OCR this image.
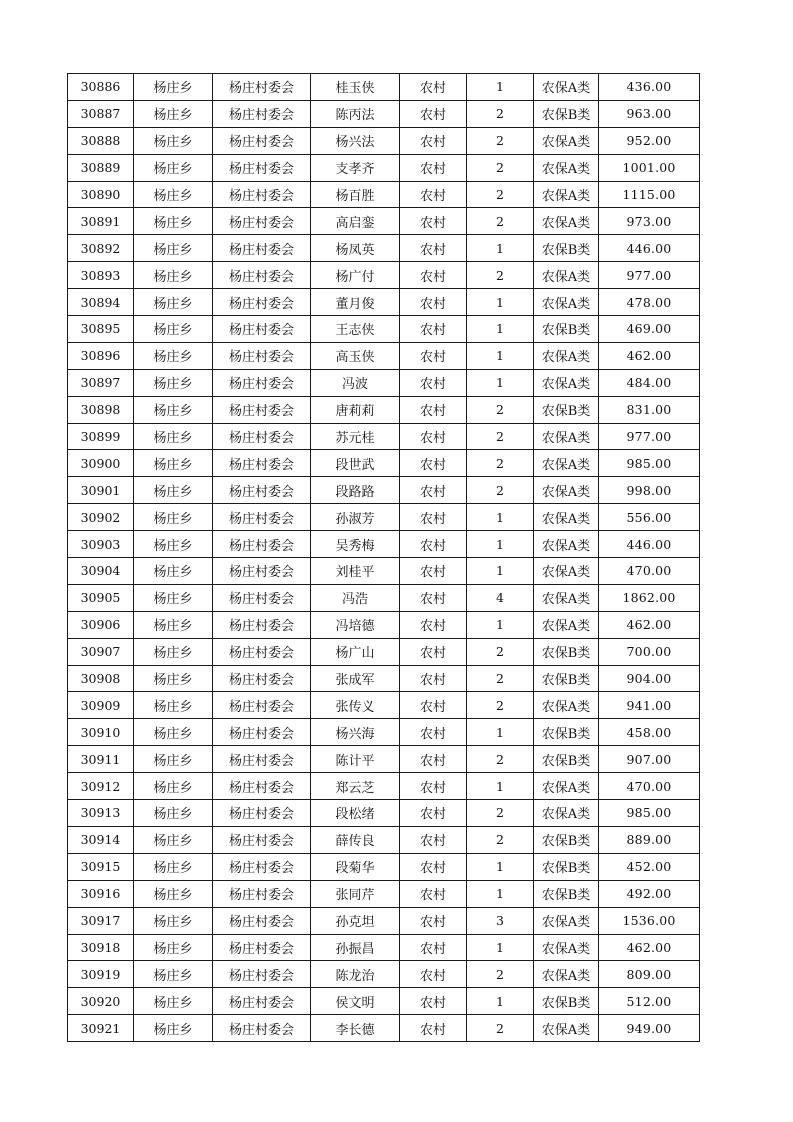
30886	杨庄乡	杨庄村委会	桂玉侠	农村	1	农保A类	436.00
30887	杨庄乡	杨庄村委会	陈丙法	农村	2	农保B类	963.00
30888	杨庄乡	杨庄村委会	杨兴法	农村	2	农保A类	952.00
30889	杨庄乡	杨庄村委会	支孝齐	农村	2	农保A类	1001.00
30890	杨庄乡	杨庄村委会	杨百胜	农村	2	农保A类	1115.00
30891	杨庄乡	杨庄村委会	高启銮	农村	2	农保A类	973.00
30892	杨庄乡	杨庄村委会	杨凤英	农村	1	农保B类	446.00
30893	杨庄乡	杨庄村委会	杨广付	农村	2	农保A类	977.00
30894	杨庄乡	杨庄村委会	董月俊	农村	1	农保A类	478.00
30895	杨庄乡	杨庄村委会	王志侠	农村	1	农保B类	469.00
30896	杨庄乡	杨庄村委会	高玉侠	农村	1	农保A类	462.00
30897	杨庄乡	杨庄村委会	冯波	农村	1	农保A类	484.00
30898	杨庄乡	杨庄村委会	唐莉莉	农村	2	农保B类	831.00
30899	杨庄乡	杨庄村委会	苏元桂	农村	2	农保A类	977.00
30900	杨庄乡	杨庄村委会	段世武	农村	2	农保A类	985.00
30901	杨庄乡	杨庄村委会	段路路	农村	2	农保A类	998.00
30902	杨庄乡	杨庄村委会	孙淑芳	农村	1	农保A类	556.00
30903	杨庄乡	杨庄村委会	吴秀梅	农村	1	农保A类	446.00
30904	杨庄乡	杨庄村委会	刘桂平	农村	1	农保A类	470.00
30905	杨庄乡	杨庄村委会	冯浩	农村	4	农保A类	1862.00
30906	杨庄乡	杨庄村委会	冯培德	农村	1	农保A类	462.00
30907	杨庄乡	杨庄村委会	杨广山	农村	2	农保B类	700.00
30908	杨庄乡	杨庄村委会	张成军	农村	2	农保B类	904.00
30909	杨庄乡	杨庄村委会	张传义	农村	2	农保A类	941.00
30910	杨庄乡	杨庄村委会	杨兴海	农村	1	农保B类	458.00
30911	杨庄乡	杨庄村委会	陈计平	农村	2	农保B类	907.00
30912	杨庄乡	杨庄村委会	郑云芝	农村	1	农保A类	470.00
30913	杨庄乡	杨庄村委会	段松绪	农村	2	农保A类	985.00
30914	杨庄乡	杨庄村委会	薛传良	农村	2	农保B类	889.00
30915	杨庄乡	杨庄村委会	段菊华	农村	1	农保B类	452.00
30916	杨庄乡	杨庄村委会	张同芹	农村	1	农保B类	492.00
30917	杨庄乡	杨庄村委会	孙克坦	农村	3	农保A类	1536.00
30918	杨庄乡	杨庄村委会	孙振昌	农村	1	农保A类	462.00
30919	杨庄乡	杨庄村委会	陈龙治	农村	2	农保A类	809.00
30920	杨庄乡	杨庄村委会	侯文明	农村	1	农保B类	512.00
30921	杨庄乡	杨庄村委会	李长德	农村	2	农保A类	949.00
